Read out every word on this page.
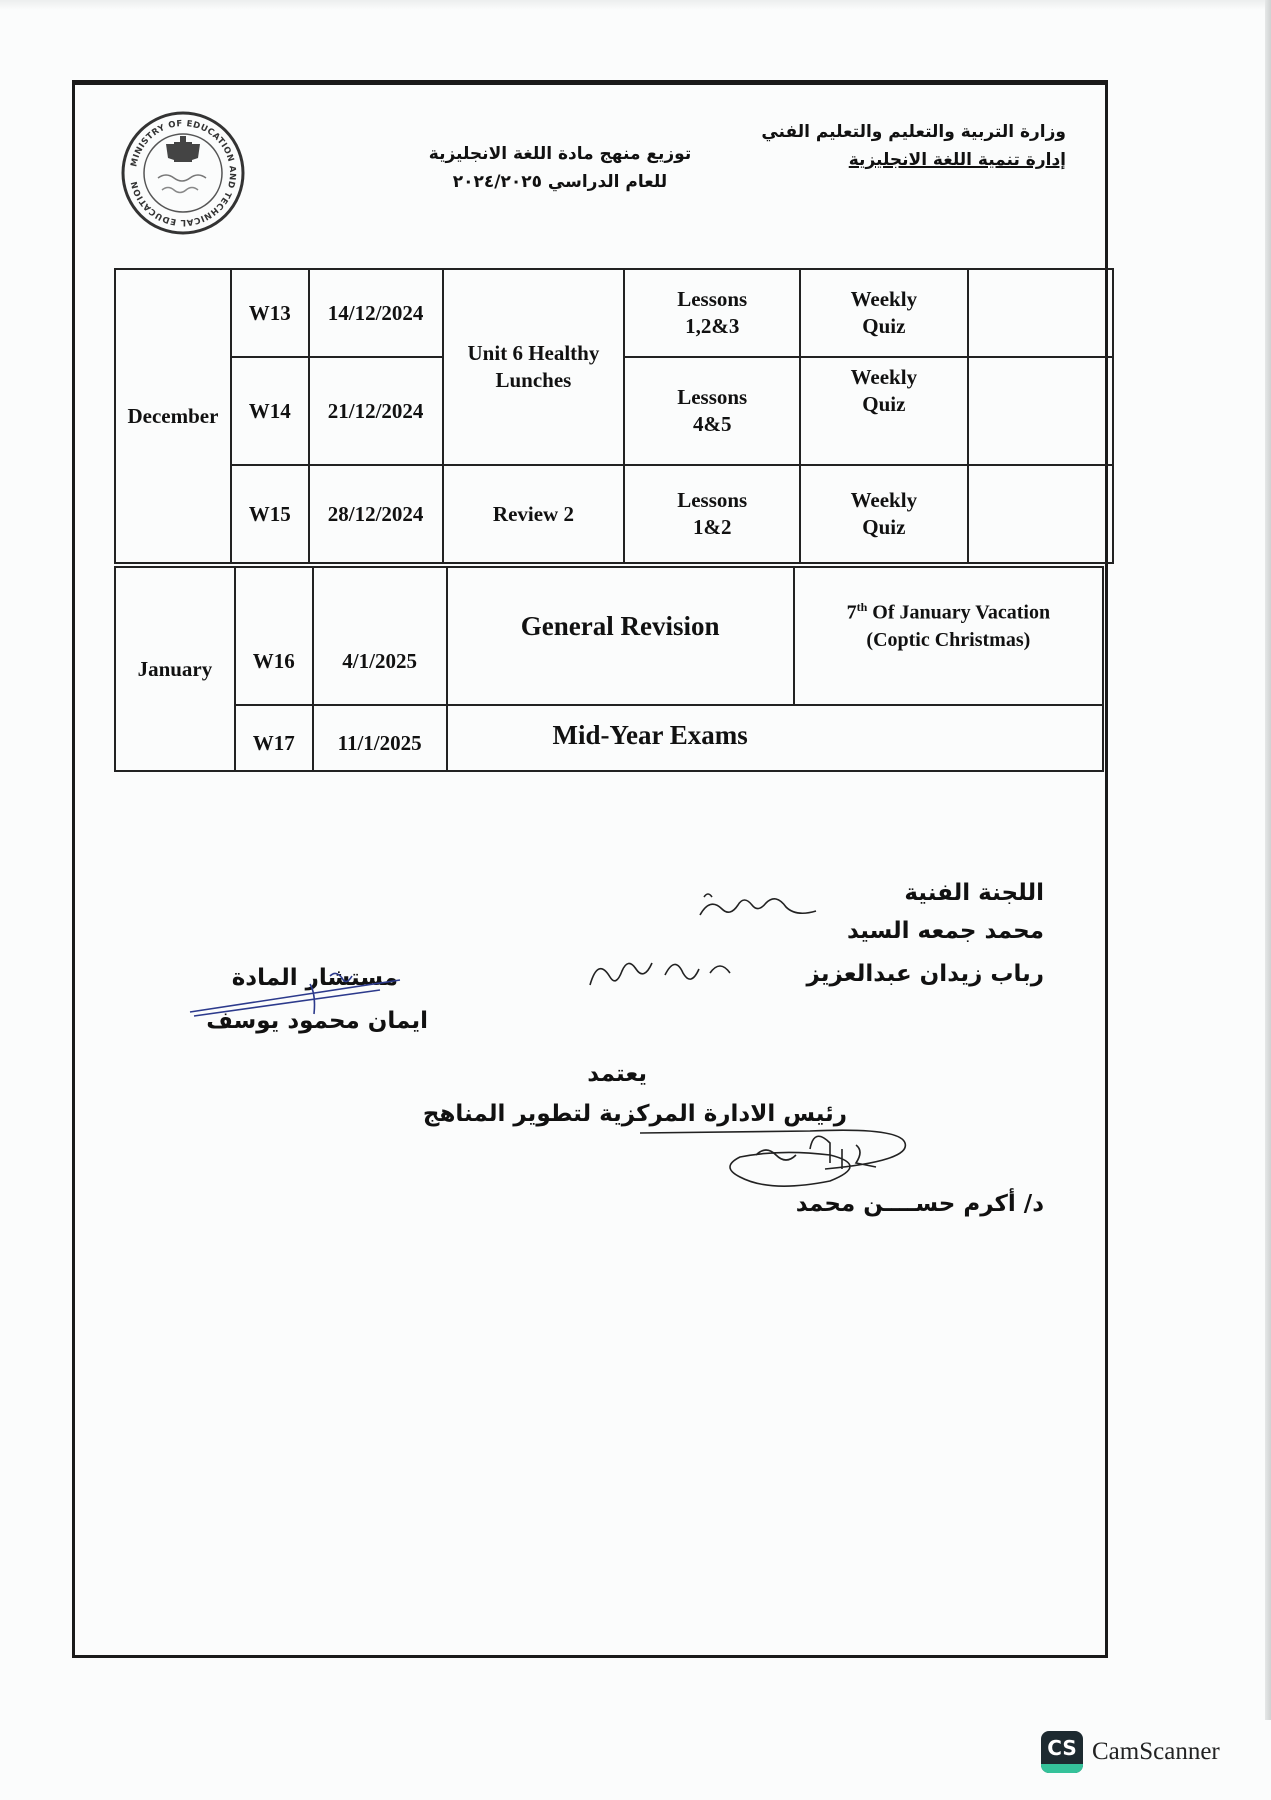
وزارة التربية والتعليم والتعليم الفني
إدارة تنمية اللغة الانجليزية
توزيع منهج مادة اللغة الانجليزية
للعام الدراسي ٢٠٢٤/٢٠٢٥
MINISTRY OF EDUCATION AND TECHNICAL EDUCATION
December	W13	14/12/2024	Unit 6 Healthy Lunches	Lessons 1,2&3	Weekly Quiz	
	W14	21/12/2024		Lessons 4&5	Weekly Quiz	
	W15	28/12/2024	Review 2	Lessons 1&2	Weekly Quiz	
January	W16	4/1/2025	General Revision	7th Of January Vacation
(Coptic Christmas)

	W17	11/1/2025	Mid-Year Exams	
اللجنة الفنية
محمد جمعه السيد
رباب زيدان عبدالعزيز
مستشار المادة
ايمان محمود يوسف
يعتمد
رئيس الادارة المركزية لتطوير المناهج
د/ أكرم حســــن محمد
CS CamScanner
